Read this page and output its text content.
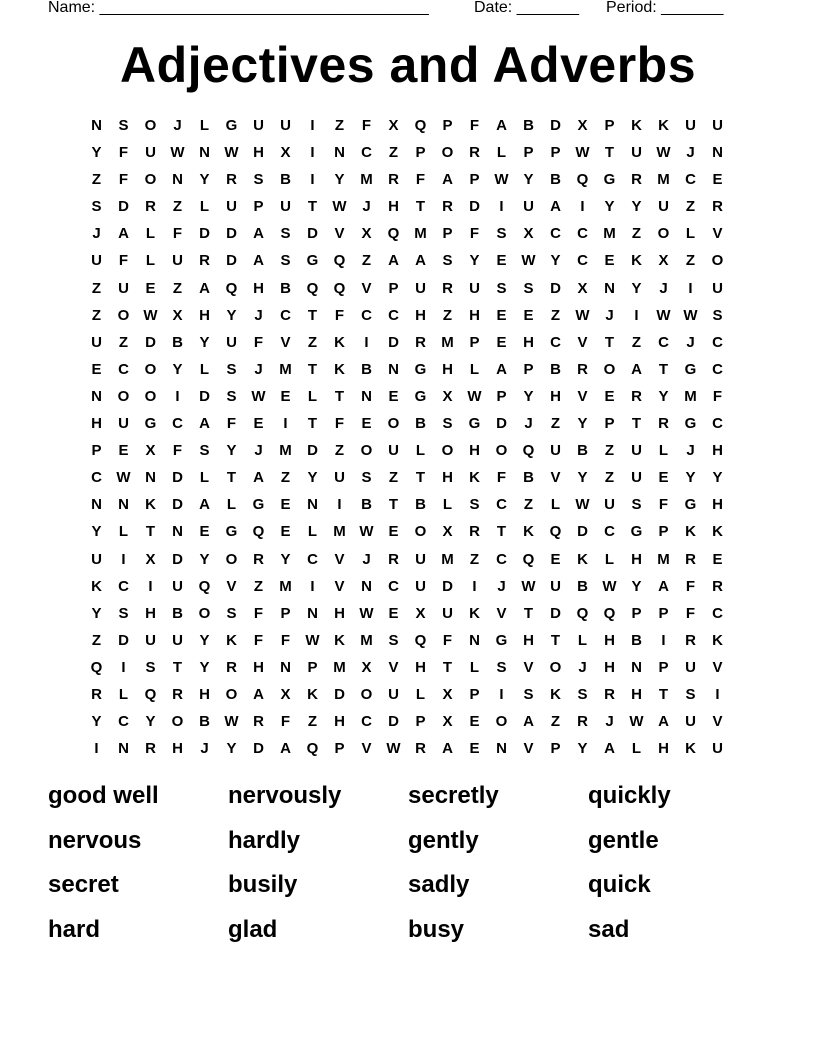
Name: _____________________________________	Date: _______ Period: _______
Adjectives and Adverbs
N	S	O	J	L	G	U	U	I	Z	F	X	Q	P	F	A	B	D	X	P	K	K	U	U
Y	F	U W N W H	X	I	N	C	Z	P	O	R	L	P	P W	T	U W	J	N
Z	F	O	N	Y	R	S	B	I	Y	M	R	F	A	P W Y	B	Q	G	R	M	C	E
S	D	R	Z	L	U	P	U	T	W	J	H	T	R	D	I	U	A	I	Y	Y	U	Z	R
J	A	L	F	D	D	A	S	D	V	X	Q M	P	F	S	X	C	C	M	Z	O	L	V
U	F	L	U	R	D	A	S	G	Q	Z	A	A	S	Y	E W Y	C	E	K	X	Z	O
Z	U	E	Z	A	Q	H	B	Q	Q	V	P	U	R	U	S	S	D	X	N	Y	J	I	U
Z	O W X	H	Y	J	C	T	F	C	C	H	Z	H	E	E	Z	W	J	I	W W S
U	Z	D	B	Y	U	F	V	Z	K	I	D	R	M	P	E	H	C	V	T	Z	C	J	C
E	C	O	Y	L	S	J	M	T	K	B	N	G	H	L	A	P	B	R	O	A	T	G	C
N	O	O	I	D	S W E	L	T	N	E	G	X W P	Y	H	V	E	R	Y	M	F
H	U	G	C	A	F	E	I	T	F	E	O	B	S	G	D	J	Z	Y	P	T	R	G	C
P	E	X	F	S	Y	J	M	D	Z	O	U	L	O	H	O	Q	U	B	Z	U	L	J	H
C W N	D	L	T	A	Z	Y	U	S	Z	T	H	K	F	B	V	Y	Z	U	E	Y	Y
N	N	K	D	A	L	G	E	N	I	B	T	B	L	S	C	Z	L	W U	S	F	G	H
Y	L	T	N	E	G	Q	E	L	M W E	O	X	R	T	K	Q	D	C	G	P	K	K
U	I	X	D	Y	O	R	Y	C	V	J	R	U	M	Z	C	Q	E	K	L	H	M	R	E
K	C	I	U	Q	V	Z	M	I	V	N	C	U	D	I	J	W U	B W Y	A	F	R
Y	S	H	B	O	S	F	P	N	H W E	X	U	K	V	T	D	Q	Q	P	P	F	C
Z	D	U	U	Y	K	F	F	W K	M	S	Q	F	N	G	H	T	L	H	B	I	R	K
Q	I	S	T	Y	R	H	N	P	M	X	V	H	T	L	S	V	O	J	H	N	P	U	V
R	L	Q	R	H	O	A	X	K	D	O	U	L	X	P	I	S	K	S	R	H	T	S	I
Y	C	Y	O	B W R	F	Z	H	C	D	P	X	E	O	A	Z	R	J	W A	U	V
I	N	R	H	J	Y	D	A	Q	P	V W R	A	E	N	V	P	Y	A	L	H	K	U
good well	nervously	secretly	quickly
nervous	hardly	gently	gentle
secret	busily	sadly	quick
hard	glad	busy	sad
